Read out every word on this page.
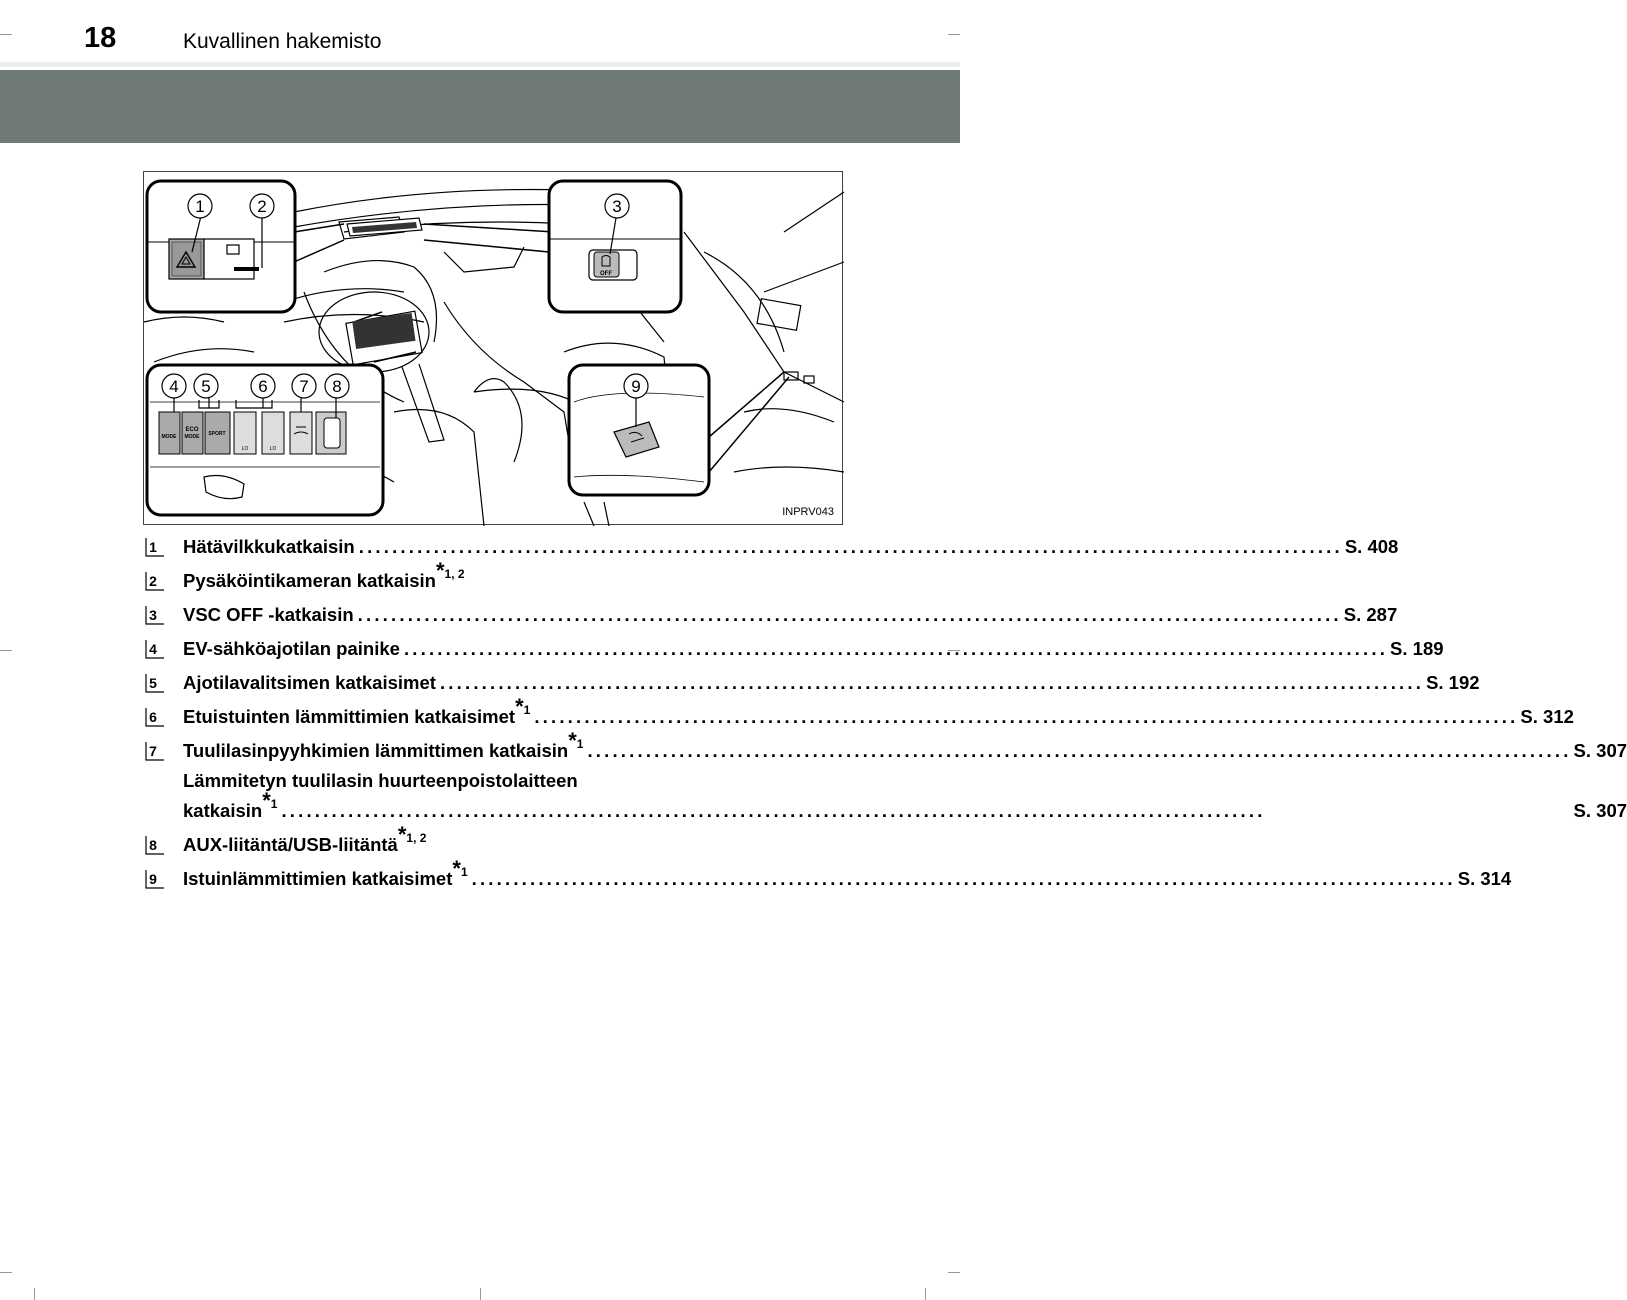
18	Kuvallinen hakemisto
1	2
OFF
3
MODE
ECO
MODE SPORT
LO	LO
4 5	6 7 8	9
INPRV043
1 Hätävilkkukatkaisin ...................................................................................................................... S. 408
2 Pysäköintikameran katkaisin$^{*1, 2}$
3 VSC OFF -katkaisin ...................................................................................................................... S. 287
4 EV-sähköajotilan painike ...................................................................................................................... S. 189
5 Ajotilavalitsimen katkaisimet ...................................................................................................................... S. 192
6 Etuistuinten lämmittimien katkaisimet$^{*1}$ ...................................................................................................................... S. 312
7 Tuulilasinpyyhkimien lämmittimen katkaisin$^{*1}$ ...................................................................................................................... S. 307
Lämmitetyn tuulilasin huurteenpoistolaitteen
katkaisin$^{*1}$ ......................................................................................................................	S. 307
8 AUX-liitäntä/USB-liitäntä$^{*1, 2}$
9 Istuinlämmittimien katkaisimet$^{*1}$ ...................................................................................................................... S. 314
